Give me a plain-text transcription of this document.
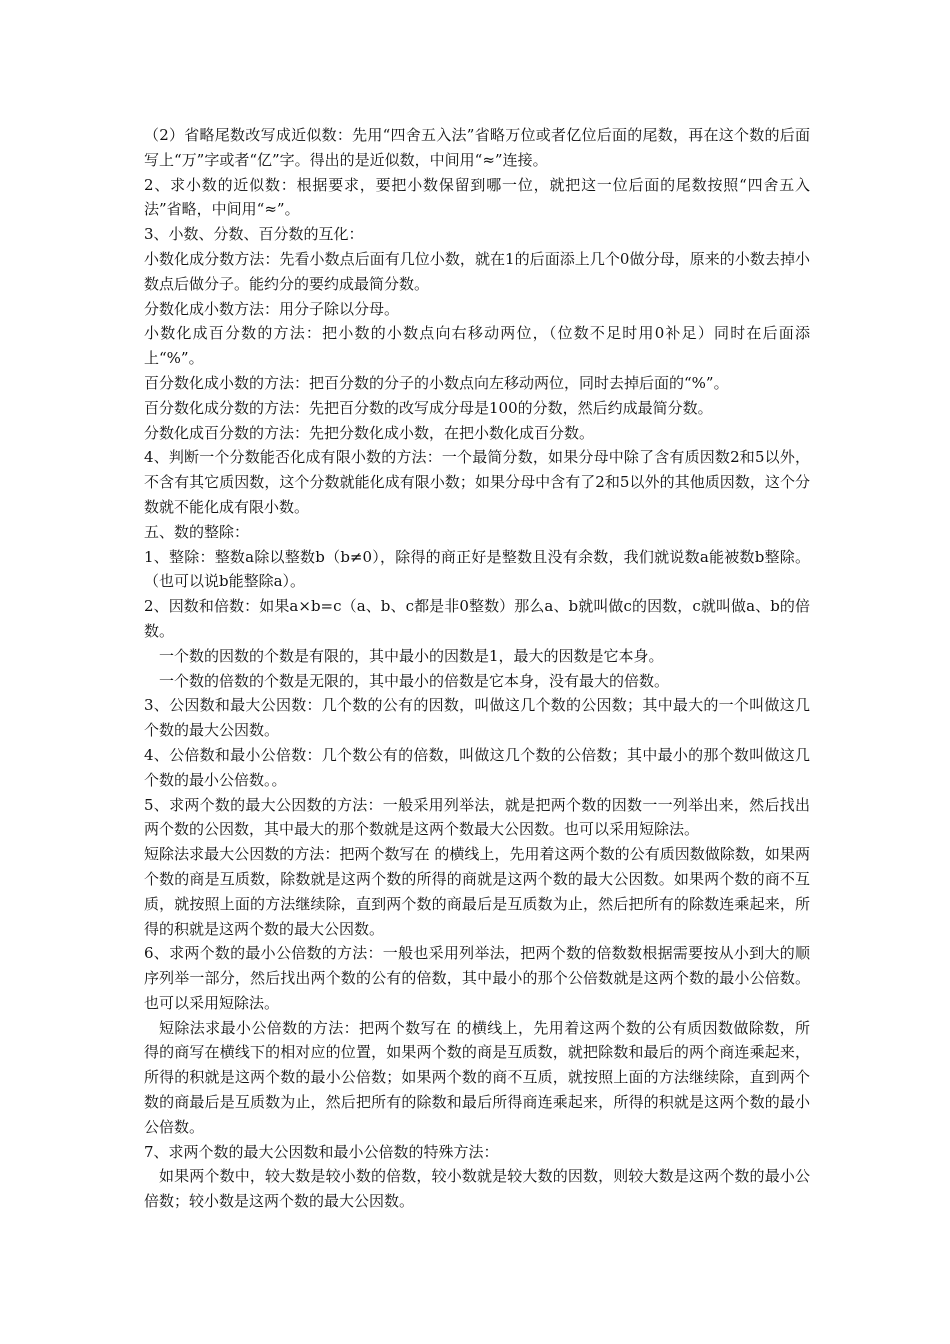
（2）省略尾数改写成近似数：先用“四舍五入法”省略万位或者亿位后面的尾数，再在这个数的后面写上“万”字或者“亿”字。得出的是近似数，中间用“≈”连接。

2、求小数的近似数：根据要求，要把小数保留到哪一位，就把这一位后面的尾数按照“四舍五入法”省略，中间用“≈”。

3、小数、分数、百分数的互化：

小数化成分数方法：先看小数点后面有几位小数，就在1的后面添上几个0做分母，原来的小数去掉小数点后做分子。能约分的要约成最简分数。

分数化成小数方法：用分子除以分母。

小数化成百分数的方法：把小数的小数点向右移动两位，（位数不足时用0补足）同时在后面添上“%”。

百分数化成小数的方法：把百分数的分子的小数点向左移动两位，同时去掉后面的“%”。

百分数化成分数的方法：先把百分数的改写成分母是100的分数，然后约成最简分数。

分数化成百分数的方法：先把分数化成小数，在把小数化成百分数。

4、判断一个分数能否化成有限小数的方法：一个最简分数，如果分母中除了含有质因数2和5以外，不含有其它质因数，这个分数就能化成有限小数；如果分母中含有了2和5以外的其他质因数，这个分数就不能化成有限小数。

五、数的整除：

1、整除：整数a除以整数b（b≠0），除得的商正好是整数且没有余数，我们就说数a能被数b整除。（也可以说b能整除a）。

2、因数和倍数：如果a×b=c（a、b、c都是非0整数）那么a、b就叫做c的因数，c就叫做a、b的倍数。

一个数的因数的个数是有限的，其中最小的因数是1，最大的因数是它本身。

一个数的倍数的个数是无限的，其中最小的倍数是它本身，没有最大的倍数。

3、公因数和最大公因数：几个数的公有的因数，叫做这几个数的公因数；其中最大的一个叫做这几个数的最大公因数。

4、公倍数和最小公倍数：几个数公有的倍数，叫做这几个数的公倍数；其中最小的那个数叫做这几个数的最小公倍数。。

5、求两个数的最大公因数的方法：一般采用列举法，就是把两个数的因数一一列举出来，然后找出两个数的公因数，其中最大的那个数就是这两个数最大公因数。也可以采用短除法。

短除法求最大公因数的方法：把两个数写在 的横线上，先用着这两个数的公有质因数做除数，如果两个数的商是互质数，除数就是这两个数的所得的商就是这两个数的最大公因数。如果两个数的商不互质，就按照上面的方法继续除，直到两个数的商最后是互质数为止，然后把所有的除数连乘起来，所得的积就是这两个数的最大公因数。

6、求两个数的最小公倍数的方法：一般也采用列举法，把两个数的倍数数根据需要按从小到大的顺序列举一部分，然后找出两个数的公有的倍数，其中最小的那个公倍数就是这两个数的最小公倍数。也可以采用短除法。

短除法求最小公倍数的方法：把两个数写在 的横线上，先用着这两个数的公有质因数做除数，所 得的商写在横线下的相对应的位置，如果两个数的商是互质数，就把除数和最后的两个商连乘起来，所得的积就是这两个数的最小公倍数；如果两个数的商不互质，就按照上面的方法继续除，直到两个数的商最后是互质数为止，然后把所有的除数和最后所得商连乘起来，所得的积就是这两个数的最小公倍数。

7、求两个数的最大公因数和最小公倍数的特殊方法：

如果两个数中，较大数是较小数的倍数，较小数就是较大数的因数，则较大数是这两个数的最小公倍数；较小数是这两个数的最大公因数。
